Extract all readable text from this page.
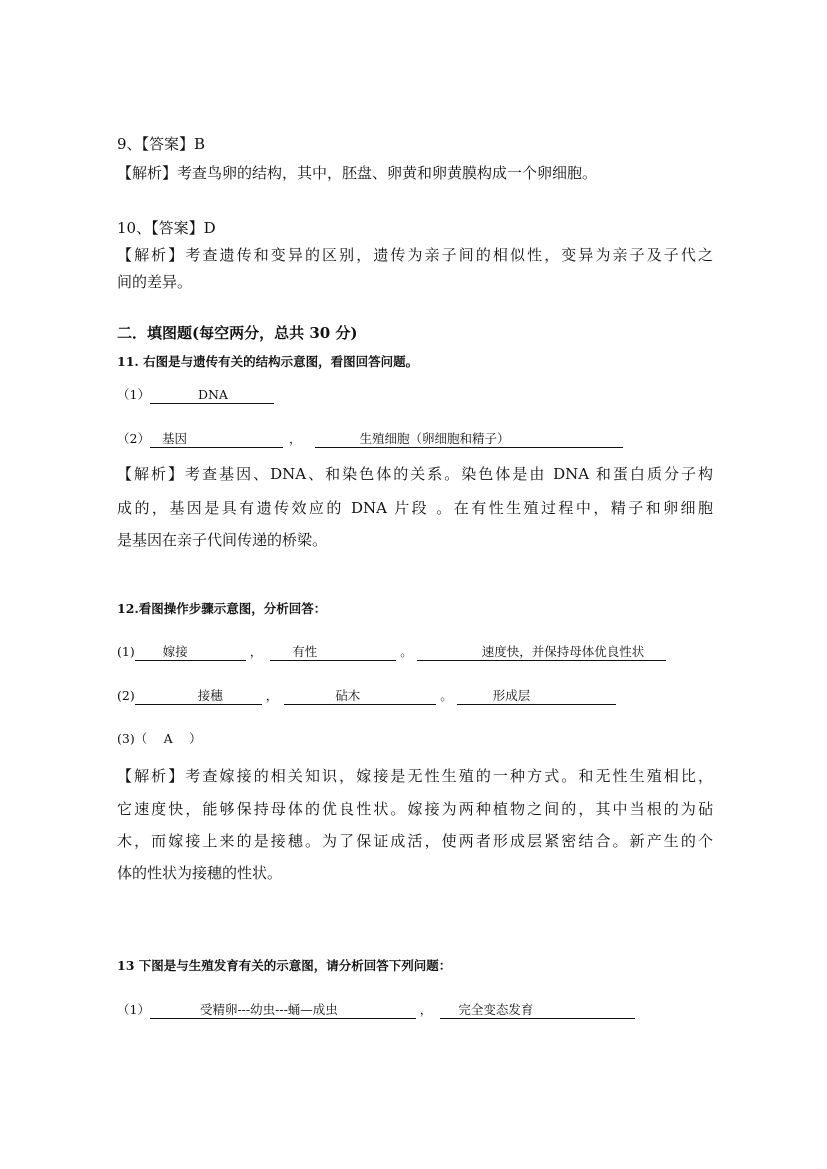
9、【答案】B
【解析】考查鸟卵的结构，其中，胚盘、卵黄和卵黄膜构成一个卵细胞。
10、【答案】D
【解析】考查遗传和变异的区别，遗传为亲子间的相似性，变异为亲子及子代之
间的差异。
二．填图题(每空两分，总共 30 分)
11. 右图是与遗传有关的结构示意图，看图回答问题。
（1）	DNA
（2） 基因	，	生殖细胞（卵细胞和精子）
【解析】考查基因、DNA、和染色体的关系。染色体是由 DNA 和蛋白质分子构
成的，基因是具有遗传效应的 DNA 片段 。在有性生殖过程中，精子和卵细胞
是基因在亲子代间传递的桥梁。
12.看图操作步骤示意图，分析回答：
(1) 嫁接	， 有性	。	速度快，并保持母体优良性状
(2)	接穗	，	砧木	。	形成层
(3)（　 A　 ）
【解析】考查嫁接的相关知识，嫁接是无性生殖的一种方式。和无性生殖相比，
它速度快，能够保持母体的优良性状。嫁接为两种植物之间的，其中当根的为砧
木，而嫁接上来的是接穗。为了保证成活，使两者形成层紧密结合。新产生的个
体的性状为接穗的性状。
13 下图是与生殖发育有关的示意图，请分析回答下列问题：
（1）	受精卵---幼虫---蛹—成虫	， 完全变态发育
